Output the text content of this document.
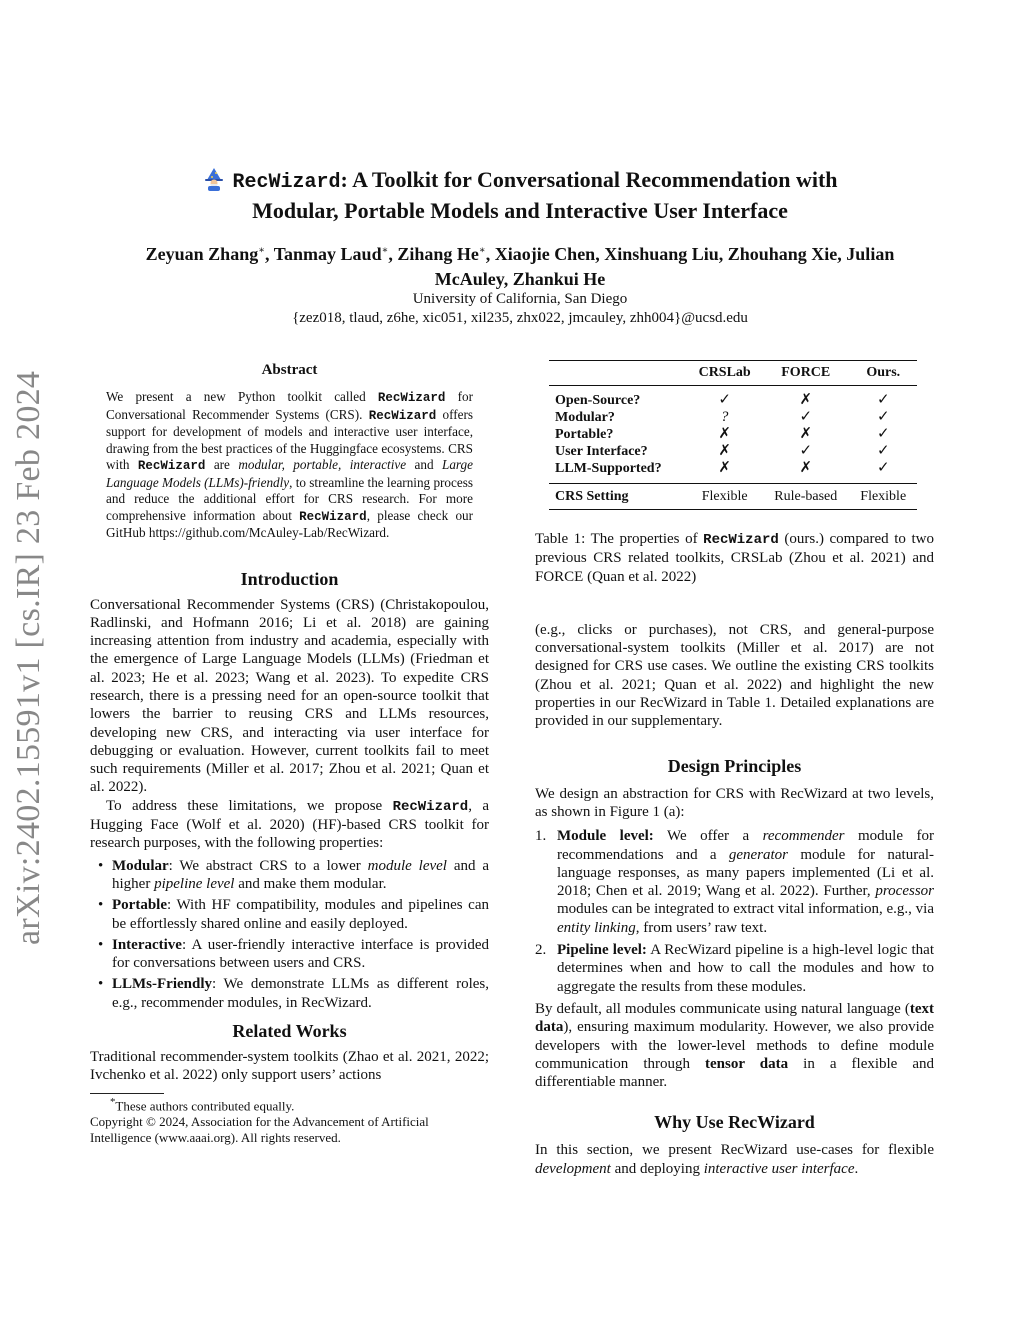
arXiv:2402.15591v1 [cs.IR] 23 Feb 2024
RecWizard: A Toolkit for Conversational Recommendation with
Modular, Portable Models and Interactive User Interface
Zeyuan Zhang∗, Tanmay Laud∗, Zihang He∗, Xiaojie Chen, Xinshuang Liu, Zhouhang Xie, Julian
McAuley, Zhankui He
University of California, San Diego
{zez018, tlaud, z6he, xic051, xil235, zhx022, jmcauley, zhh004}@ucsd.edu
Abstract
We present a new Python toolkit called RecWizard for Conversational Recommender Systems (CRS). RecWizard offers support for development of models and interactive user interface, drawing from the best practices of the Huggingface ecosystems. CRS with RecWizard are modular, portable, interactive and Large Language Models (LLMs)-friendly, to streamline the learning process and reduce the additional effort for CRS research. For more comprehensive information about RecWizard, please check our GitHub https://github.com/McAuley-Lab/RecWizard.
Introduction

Conversational Recommender Systems (CRS) (Christakopoulou, Radlinski, and Hofmann 2016; Li et al. 2018) are gaining increasing attention from industry and academia, especially with the emergence of Large Language Models (LLMs) (Friedman et al. 2023; He et al. 2023; Wang et al. 2023). To expedite CRS research, there is a pressing need for an open-source toolkit that lowers the barrier to reusing CRS and LLMs resources, developing new CRS, and interacting via user interface for debugging or evaluation. However, current toolkits fail to meet such requirements (Miller et al. 2017; Zhou et al. 2021; Quan et al. 2022).

To address these limitations, we propose RecWizard, a Hugging Face (Wolf et al. 2020) (HF)-based CRS toolkit for research purposes, with the following properties:

• Modular: We abstract CRS to a lower module level and a higher pipeline level and make them modular.
• Portable: With HF compatibility, modules and pipelines can be effortlessly shared online and easily deployed.
• Interactive: A user-friendly interactive interface is provided for conversations between users and CRS.
• LLMs-Friendly: We demonstrate LLMs as different roles, e.g., recommender modules, in RecWizard.
Related Works

Traditional recommender-system toolkits (Zhao et al. 2021, 2022; Ivchenko et al. 2022) only support users’ actions

*These authors contributed equally.

Copyright © 2024, Association for the Advancement of Artificial Intelligence (www.aaai.org). All rights reserved.

	CRSLab	FORCE	Ours.
Open-Source?	✓	✗	✓
Modular?	?	✓	✓
Portable?	✗	✗	✓
User Interface?	✗	✓	✓
LLM-Supported?	✗	✗	✓
CRS Setting	Flexible	Rule-based	Flexible

Table 1: The properties of RecWizard (ours.) compared to two previous CRS related toolkits, CRSLab (Zhou et al. 2021) and FORCE (Quan et al. 2022)

(e.g., clicks or purchases), not CRS, and general-purpose conversational-system toolkits (Miller et al. 2017) are not designed for CRS use cases. We outline the existing CRS toolkits (Zhou et al. 2021; Quan et al. 2022) and highlight the new properties in our RecWizard in Table 1. Detailed explanations are provided in our supplementary.

Design Principles

We design an abstraction for CRS with RecWizard at two levels, as shown in Figure 1 (a):

1. Module level: We offer a recommender module for recommendations and a generator module for natural-language responses, as many papers implemented (Li et al. 2018; Chen et al. 2019; Wang et al. 2022). Further, processor modules can be integrated to extract vital information, e.g., via entity linking, from users’ raw text.
2. Pipeline level: A RecWizard pipeline is a high-level logic that determines when and how to call the modules and how to aggregate the results from these modules.

By default, all modules communicate using natural language (text data), ensuring maximum modularity. However, we also provide developers with the lower-level methods to define module communication through tensor data in a flexible and differentiable manner.

Why Use RecWizard

In this section, we present RecWizard use-cases for flexible development and deploying interactive user interface.
